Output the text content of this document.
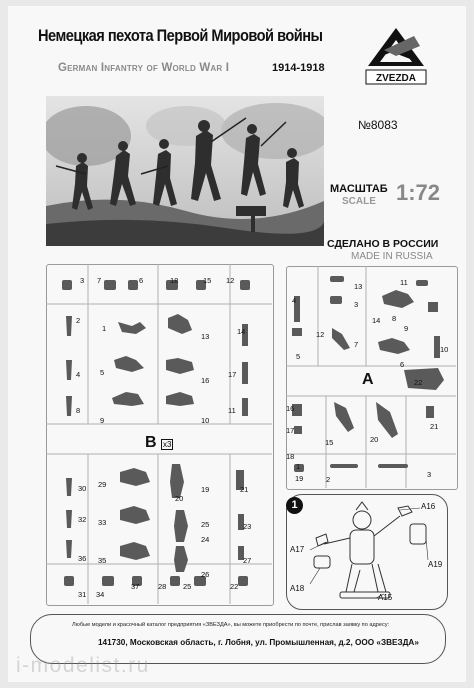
Немецкая пехота Первой Мировой войны
German Infantry of World War I	1914-1918
ZVEZDA
№8083
МАСШТАБ
SCALE 1:72
СДЕЛАНО В РОССИИ
MADE IN RUSSIA
B x3
A
3 7	6	18	15 12
2
1
13
14
4	5
16
17
8
9	10
11
30 29
19	21
20
32 33	25	23
24
36 35
26
27
31 34
37 28 25	22
13	11
4	3
14 8
9
12
7
10
5
6
22
16
17
15	20
21
18
1
19	2
3
1	A16
A17
A19
A18
A15
Любые модели и красочный каталог предприятия «ЗВЕЗДА», вы можете приобрести по почте, прислав заявку по адресу:
141730, Московская область, г. Лобня, ул. Промышленная, д.2, ООО «ЗВЕЗДА»
i-modelist.ru
